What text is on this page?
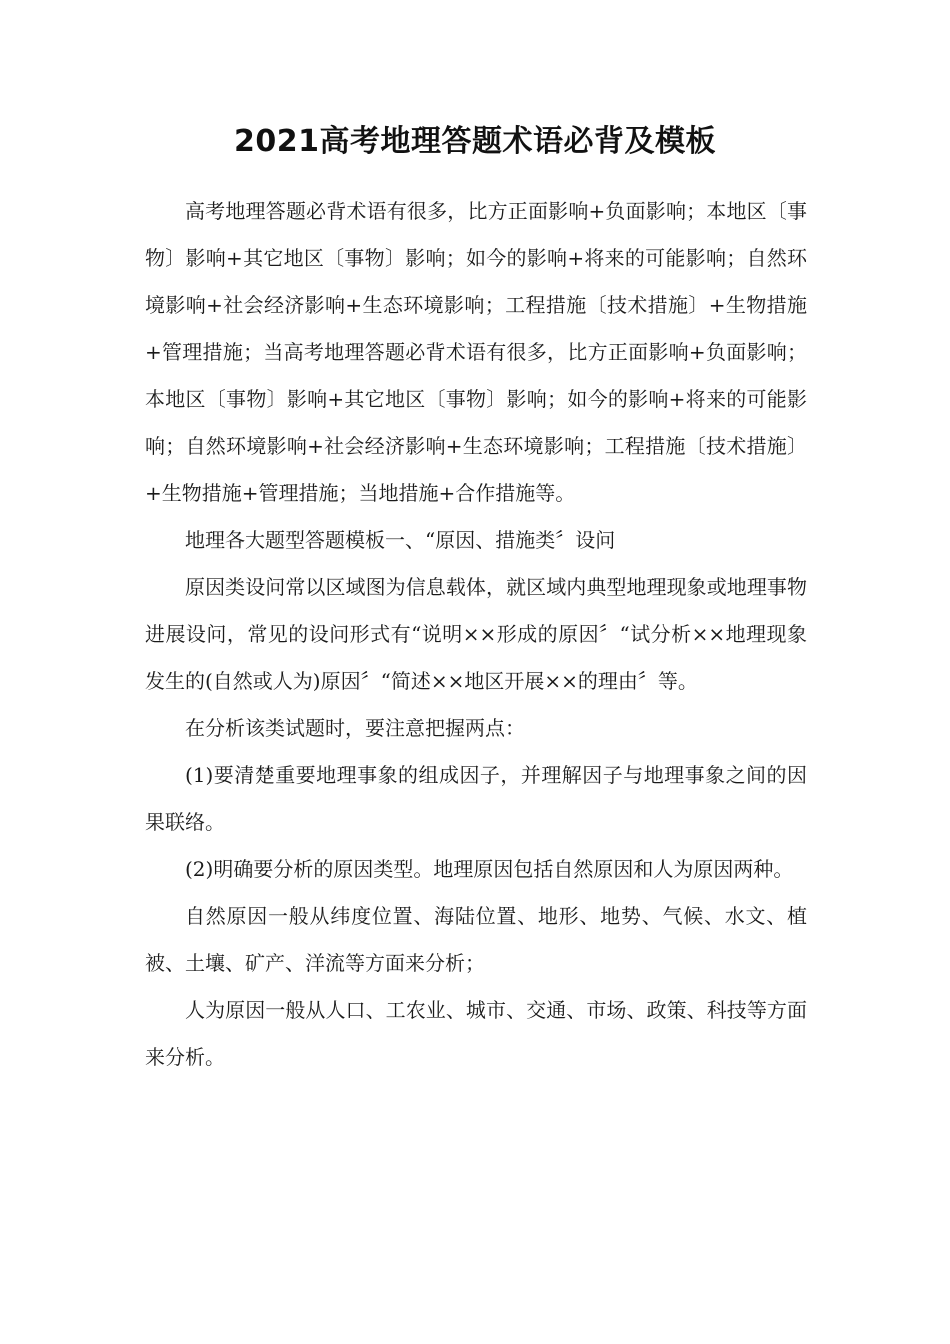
2021高考地理答题术语必背及模板

高考地理答题必背术语有很多，比方正面影响+负面影响；本地区〔事物〕影响+其它地区〔事物〕影响；如今的影响+将来的可能影响；自然环境影响+社会经济影响+生态环境影响；工程措施〔技术措施〕+生物措施+管理措施；当高考地理答题必背术语有很多，比方正面影响+负面影响；本地区〔事物〕影响+其它地区〔事物〕影响；如今的影响+将来的可能影响；自然环境影响+社会经济影响+生态环境影响；工程措施〔技术措施〕+生物措施+管理措施；当地措施+合作措施等。

地理各大题型答题模板一、“原因、措施类〞设问

原因类设问常以区域图为信息载体，就区域内典型地理现象或地理事物进展设问，常见的设问形式有“说明××形成的原因〞“试分析××地理现象发生的(自然或人为)原因〞“简述××地区开展××的理由〞等。

在分析该类试题时，要注意把握两点：

(1)要清楚重要地理事象的组成因子，并理解因子与地理事象之间的因果联络。

(2)明确要分析的原因类型。地理原因包括自然原因和人为原因两种。

自然原因一般从纬度位置、海陆位置、地形、地势、气候、水文、植被、土壤、矿产、洋流等方面来分析；

人为原因一般从人口、工农业、城市、交通、市场、政策、科技等方面来分析。
